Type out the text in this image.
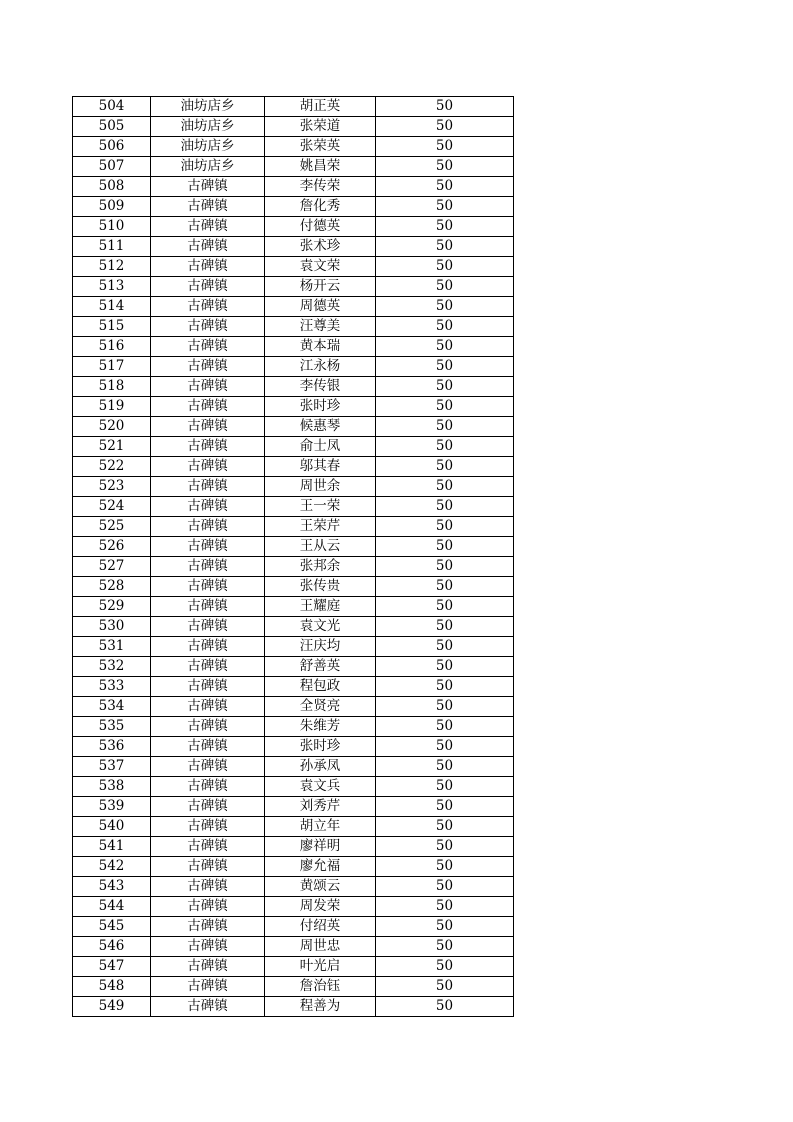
504	油坊店乡	胡正英	50
505	油坊店乡	张荣道	50
506	油坊店乡	张荣英	50
507	油坊店乡	姚昌荣	50
508	古碑镇	李传荣	50
509	古碑镇	詹化秀	50
510	古碑镇	付德英	50
511	古碑镇	张术珍	50
512	古碑镇	袁文荣	50
513	古碑镇	杨开云	50
514	古碑镇	周德英	50
515	古碑镇	汪尊美	50
516	古碑镇	黄本瑞	50
517	古碑镇	江永杨	50
518	古碑镇	李传银	50
519	古碑镇	张时珍	50
520	古碑镇	候惠琴	50
521	古碑镇	俞士凤	50
522	古碑镇	邬其春	50
523	古碑镇	周世余	50
524	古碑镇	王一荣	50
525	古碑镇	王荣芹	50
526	古碑镇	王从云	50
527	古碑镇	张邦余	50
528	古碑镇	张传贵	50
529	古碑镇	王耀庭	50
530	古碑镇	袁文光	50
531	古碑镇	汪庆均	50
532	古碑镇	舒善英	50
533	古碑镇	程包政	50
534	古碑镇	全贤亮	50
535	古碑镇	朱维芳	50
536	古碑镇	张时珍	50
537	古碑镇	孙承凤	50
538	古碑镇	袁文兵	50
539	古碑镇	刘秀芹	50
540	古碑镇	胡立年	50
541	古碑镇	廖祥明	50
542	古碑镇	廖允福	50
543	古碑镇	黄颂云	50
544	古碑镇	周发荣	50
545	古碑镇	付绍英	50
546	古碑镇	周世忠	50
547	古碑镇	叶光启	50
548	古碑镇	詹治钰	50
549	古碑镇	程善为	50
